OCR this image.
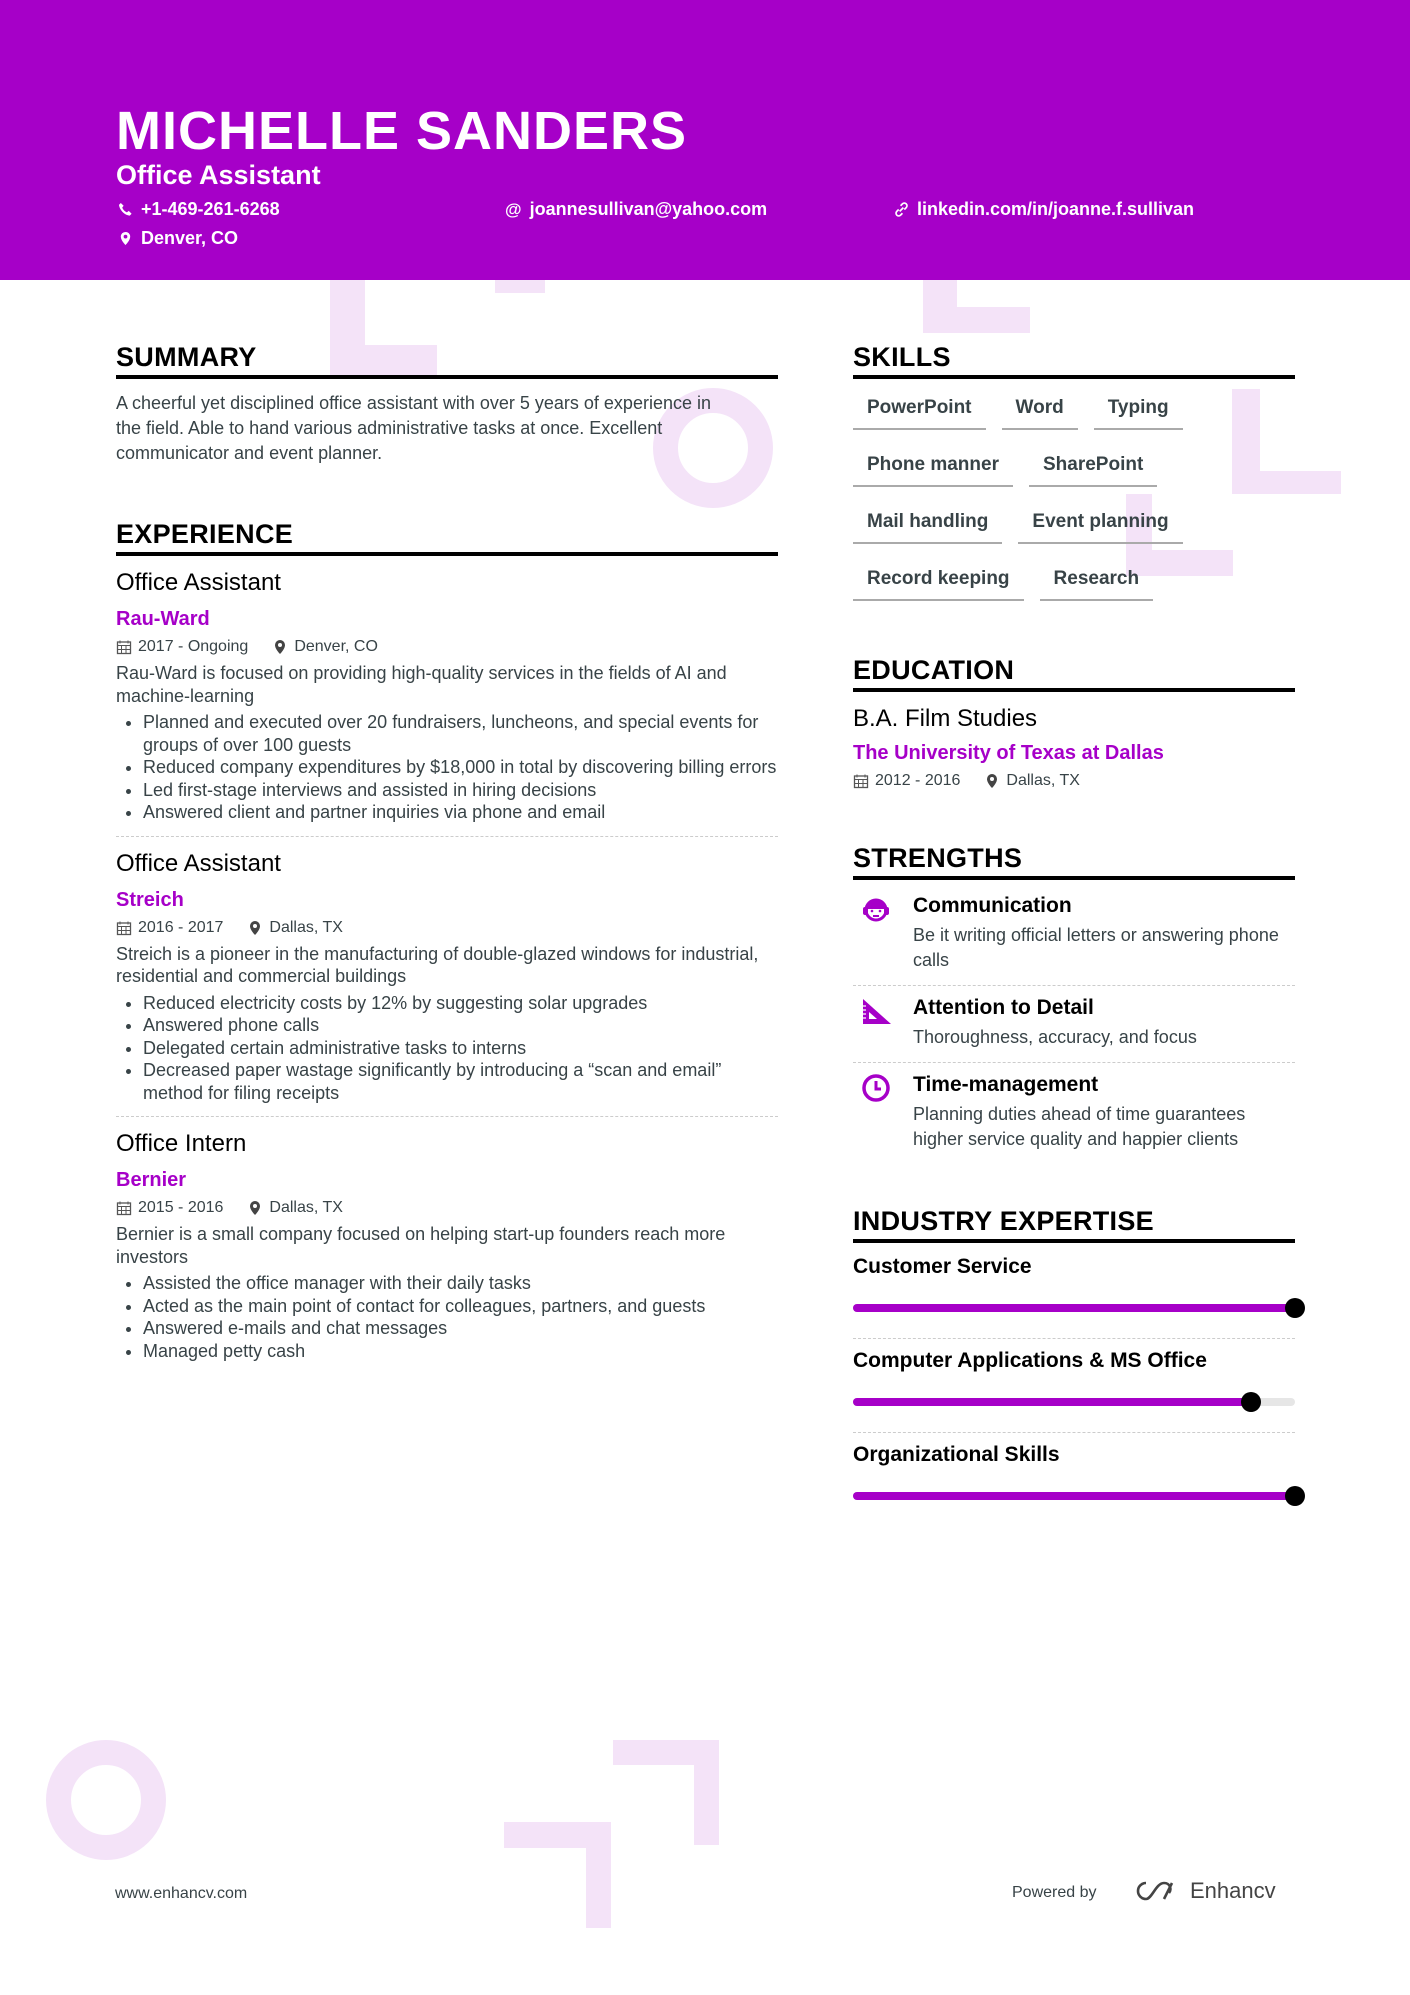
MICHELLE SANDERS
Office Assistant
+1-469-261-6268	@ joannesullivan@yahoo.com	linkedin.com/in/joanne.f.sullivan
Denver, CO
SUMMARY
A cheerful yet disciplined office assistant with over 5 years of experience in the field. Able to hand various administrative tasks at once. Excellent communicator and event planner.
EXPERIENCE
Office Assistant
Rau-Ward
2017 - Ongoing	Denver, CO
Rau-Ward is focused on providing high-quality services in the fields of AI and machine-learning
• Planned and executed over 20 fundraisers, luncheons, and special events for groups of over 100 guests
• Reduced company expenditures by $18,000 in total by discovering billing errors
• Led first-stage interviews and assisted in hiring decisions
• Answered client and partner inquiries via phone and email
Office Assistant
Streich
2016 - 2017	Dallas, TX
Streich is a pioneer in the manufacturing of double-glazed windows for industrial, residential and commercial buildings
• Reduced electricity costs by 12% by suggesting solar upgrades
• Answered phone calls
• Delegated certain administrative tasks to interns
• Decreased paper wastage significantly by introducing a “scan and email” method for filing receipts
Office Intern
Bernier
2015 - 2016	Dallas, TX
Bernier is a small company focused on helping start-up founders reach more investors
• Assisted the office manager with their daily tasks
• Acted as the main point of contact for colleagues, partners, and guests
• Answered e-mails and chat messages
• Managed petty cash
SKILLS
PowerPoint	Word	Typing
Phone manner	SharePoint
Mail handling	Event planning
Record keeping	Research
EDUCATION
B.A. Film Studies
The University of Texas at Dallas
2012 - 2016	Dallas, TX
STRENGTHS
Communication
Be it writing official letters or answering phone calls
Attention to Detail
Thoroughness, accuracy, and focus
Time-management
Planning duties ahead of time guarantees higher service quality and happier clients
INDUSTRY EXPERTISE
Customer Service
Computer Applications & MS Office
Organizational Skills
www.enhancv.com	Powered by	Enhancv
